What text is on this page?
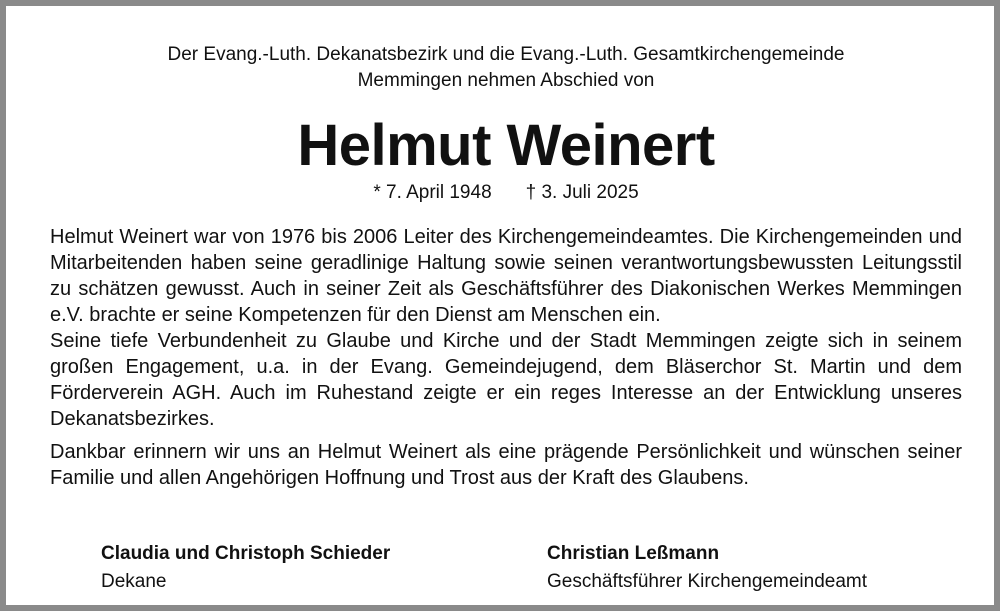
Der Evang.-Luth. Dekanatsbezirk und die Evang.-Luth. Gesamtkirchengemeinde
Memmingen nehmen Abschied von
Helmut Weinert
* 7. April 1948 † 3. Juli 2025

Helmut Weinert war von 1976 bis 2006 Leiter des Kirchengemeindeamtes. Die Kirchengemeinden und Mitarbeitenden haben seine geradlinige Haltung sowie seinen verantwortungsbewussten Leitungsstil zu schätzen gewusst. Auch in seiner Zeit als Geschäftsführer des Diakonischen Werkes Memmingen e.V. brachte er seine Kompetenzen für den Dienst am Menschen ein.

Seine tiefe Verbundenheit zu Glaube und Kirche und der Stadt Memmingen zeigte sich in seinem großen Engagement, u.a. in der Evang. Gemeindejugend, dem Bläserchor St. Martin und dem Förderverein AGH. Auch im Ruhestand zeigte er ein reges Interesse an der Entwicklung unseres Dekanatsbezirkes.

Dankbar erinnern wir uns an Helmut Weinert als eine prägende Persönlichkeit und wünschen seiner Familie und allen Angehörigen Hoffnung und Trost aus der Kraft des Glaubens.

Claudia und Christoph Schieder
Dekane
Christian Leßmann
Geschäftsführer Kirchengemeindeamt
